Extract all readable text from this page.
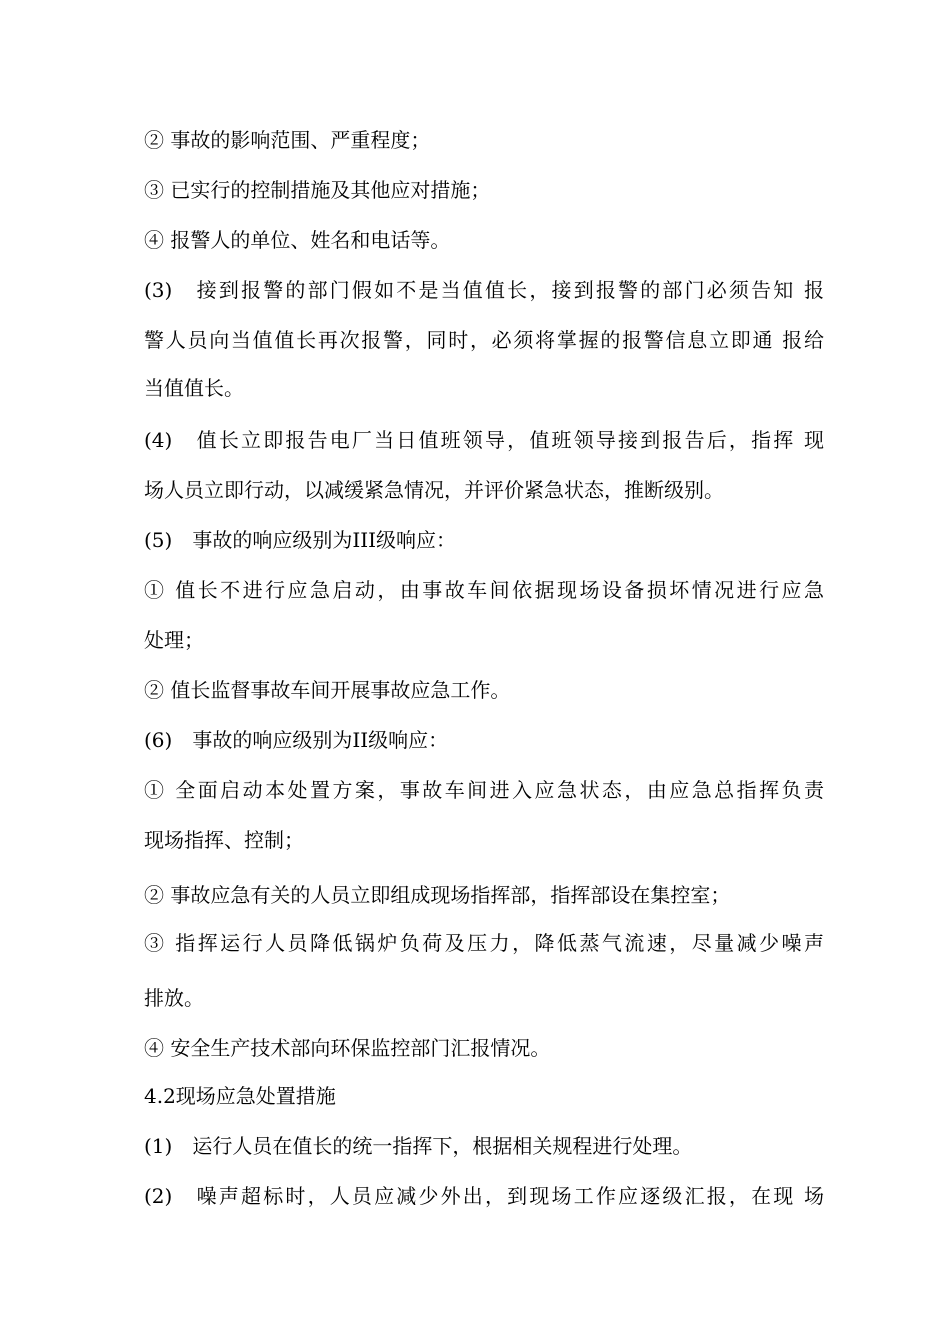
② 事故的影响范围、严重程度；

③ 已实行的控制措施及其他应对措施；

④ 报警人的单位、姓名和电话等。

(3)　接到报警的部门假如不是当值值长，接到报警的部门必须告知 报

警人员向当值值长再次报警，同时，必须将掌握的报警信息立即通 报给

当值值长。

(4)　值长立即报告电厂当日值班领导，值班领导接到报告后，指挥 现

场人员立即行动，以减缓紧急情况，并评价紧急状态，推断级别。

(5)　事故的响应级别为III级响应：

① 值长不进行应急启动，由事故车间依据现场设备损坏情况进行应急

处理；

② 值长监督事故车间开展事故应急工作。

(6)　事故的响应级别为II级响应：

① 全面启动本处置方案，事故车间进入应急状态，由应急总指挥负责

现场指挥、控制；

② 事故应急有关的人员立即组成现场指挥部，指挥部设在集控室；

③ 指挥运行人员降低锅炉负荷及压力，降低蒸气流速，尽量减少噪声

排放。

④ 安全生产技术部向环保监控部门汇报情况。

4.2现场应急处置措施

(1)　运行人员在值长的统一指挥下，根据相关规程进行处理。

(2)　噪声超标时，人员应减少外出，到现场工作应逐级汇报，在现 场
